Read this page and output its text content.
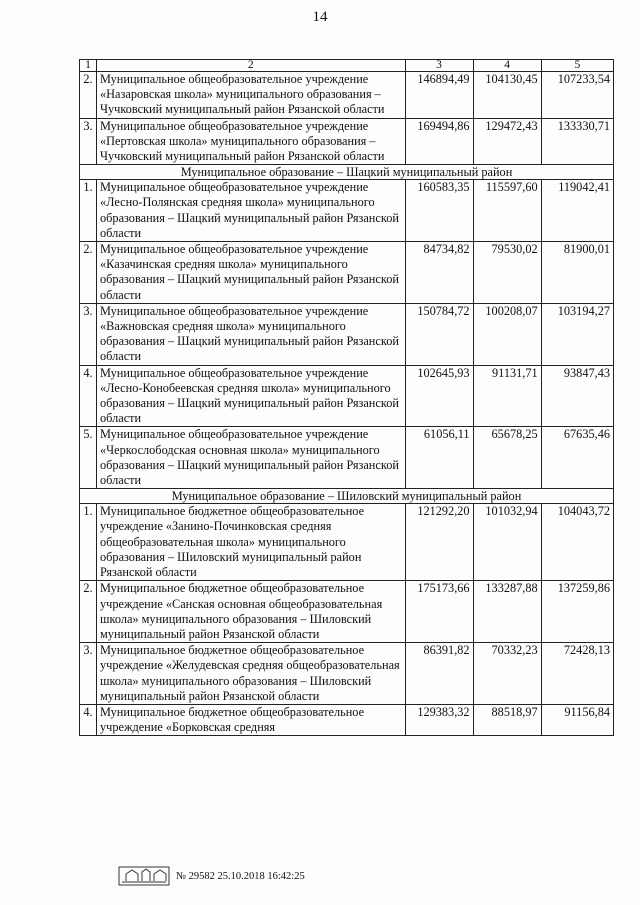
14
1	2	3	4	5
2.	Муниципальное общеобразовательное учреждение «Назаровская школа» муниципального образования – Чучковский муниципальный район Рязанской области	146894,49	104130,45	107233,54
3.	Муниципальное общеобразовательное учреждение «Пертовская школа» муниципального образования – Чучковский муниципальный район Рязанской области	169494,86	129472,43	133330,71
Муниципальное образование – Шацкий муниципальный район				
1.	Муниципальное общеобразовательное учреждение «Лесно-Полянская средняя школа» муниципального образования – Шацкий муниципальный район Рязанской области	160583,35	115597,60	119042,41
2.	Муниципальное общеобразовательное учреждение «Казачинская средняя школа» муниципального образования – Шацкий муниципальный район Рязанской области	84734,82	79530,02	81900,01
3.	Муниципальное общеобразовательное учреждение «Важновская средняя школа» муниципального образования – Шацкий муниципальный район Рязанской области	150784,72	100208,07	103194,27
4.	Муниципальное общеобразовательное учреждение «Лесно-Конобеевская средняя школа» муниципального образования – Шацкий муниципальный район Рязанской области	102645,93	91131,71	93847,43
5.	Муниципальное общеобразовательное учреждение «Черкослободская основная школа» муниципального образования – Шацкий муниципальный район Рязанской области	61056,11	65678,25	67635,46
Муниципальное образование – Шиловский муниципальный район				
1.	Муниципальное бюджетное общеобразовательное учреждение «Занино-Починковская средняя общеобразовательная школа» муниципального образования – Шиловский муниципальный район Рязанской области	121292,20	101032,94	104043,72
2.	Муниципальное бюджетное общеобразовательное учреждение «Санская основная общеобразовательная школа» муниципального образования – Шиловский муниципальный район Рязанской области	175173,66	133287,88	137259,86
3.	Муниципальное бюджетное общеобразовательное учреждение «Желудевская средняя общеобразовательная школа» муниципального образования – Шиловский муниципальный район Рязанской области	86391,82	70332,23	72428,13
4.	Муниципальное бюджетное общеобразовательное учреждение «Борковская средняя	129383,32	88518,97	91156,84
№ 29582 25.10.2018 16:42:25
